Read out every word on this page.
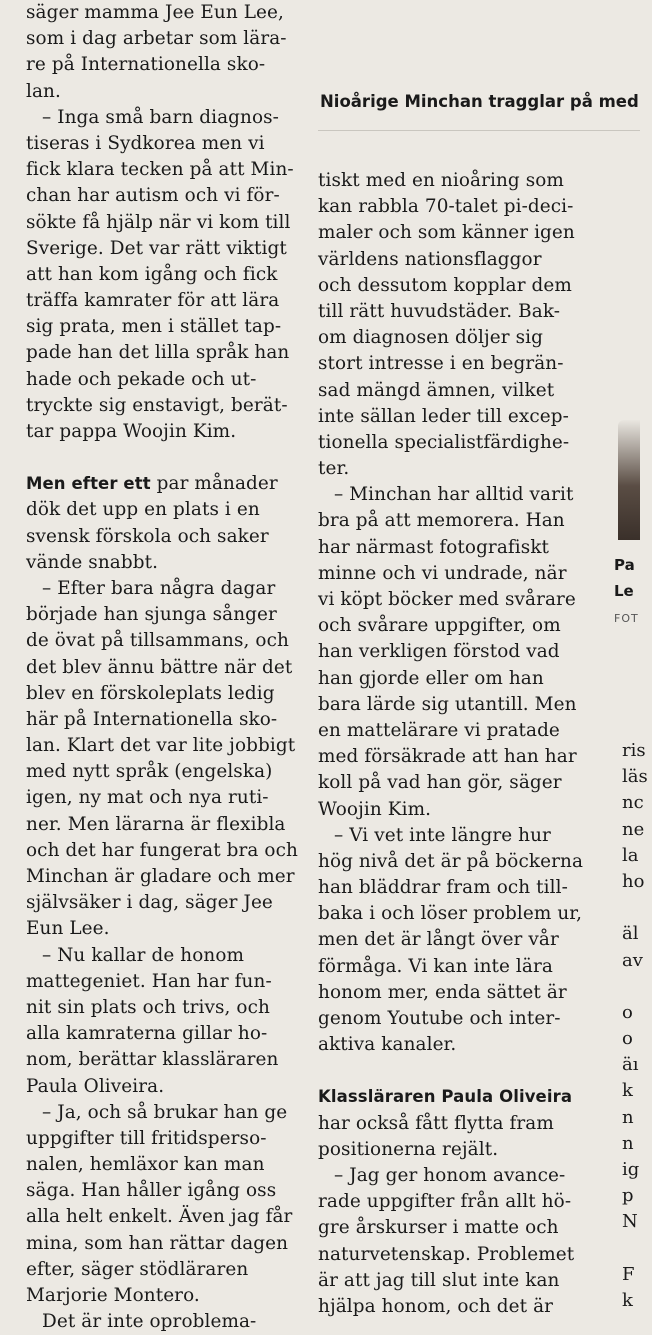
säger mamma Jee Eun Lee,
som i dag arbetar som lära-
re på Internationella sko-
lan.
– Inga små barn diagnos-
tiseras i Sydkorea men vi
fick klara tecken på att Min-
chan har autism och vi för-
sökte få hjälp när vi kom till
Sverige. Det var rätt viktigt
att han kom igång och fick
träffa kamrater för att lära
sig prata, men i stället tap-
pade han det lilla språk han
hade och pekade och ut-
tryckte sig enstavigt, berät-
tar pappa Woojin Kim.
Men efter ett par månader
dök det upp en plats i en
svensk förskola och saker
vände snabbt.
– Efter bara några dagar
började han sjunga sånger
de övat på tillsammans, och
det blev ännu bättre när det
blev en förskoleplats ledig
här på Internationella sko-
lan. Klart det var lite jobbigt
med nytt språk (engelska)
igen, ny mat och nya ruti-
ner. Men lärarna är flexibla
och det har fungerat bra och
Minchan är gladare och mer
självsäker i dag, säger Jee
Eun Lee.
– Nu kallar de honom
mattegeniet. Han har fun-
nit sin plats och trivs, och
alla kamraterna gillar ho-
nom, berättar klassläraren
Paula Oliveira.
– Ja, och så brukar han ge
uppgifter till fritidsperso-
nalen, hemläxor kan man
säga. Han håller igång oss
alla helt enkelt. Även jag får
mina, som han rättar dagen
efter, säger stödläraren
Marjorie Montero.
Det är inte oproblema-
Nioårige Minchan tragglar på med
tiskt med en nioåring som
kan rabbla 70-talet pi-deci-
maler och som känner igen
världens nationsflaggor
och dessutom kopplar dem
till rätt huvudstäder. Bak-
om diagnosen döljer sig
stort intresse i en begrän-
sad mängd ämnen, vilket
inte sällan leder till excep-
tionella specialistfärdighe-
ter.
– Minchan har alltid varit
bra på att memorera. Han
har närmast fotografiskt
minne och vi undrade, när
vi köpt böcker med svårare
och svårare uppgifter, om
han verkligen förstod vad
han gjorde eller om han
bara lärde sig utantill. Men
en mattelärare vi pratade
med försäkrade att han har
koll på vad han gör, säger
Woojin Kim.
– Vi vet inte längre hur
hög nivå det är på böckerna
han bläddrar fram och till-
baka i och löser problem ur,
men det är långt över vår
förmåga. Vi kan inte lära
honom mer, enda sättet är
genom Youtube och inter-
aktiva kanaler.
Klassläraren Paula Oliveira
har också fått flytta fram
positionerna rejält.
– Jag ger honom avance-
rade uppgifter från allt hö-
gre årskurser i matte och
naturvetenskap. Problemet
är att jag till slut inte kan
hjälpa honom, och det är
Pa
Le
FOT
ris
läs
nc
ne
la
ho
äl
av
o
o
äı
k
n
n
ig
p
N
F
k
